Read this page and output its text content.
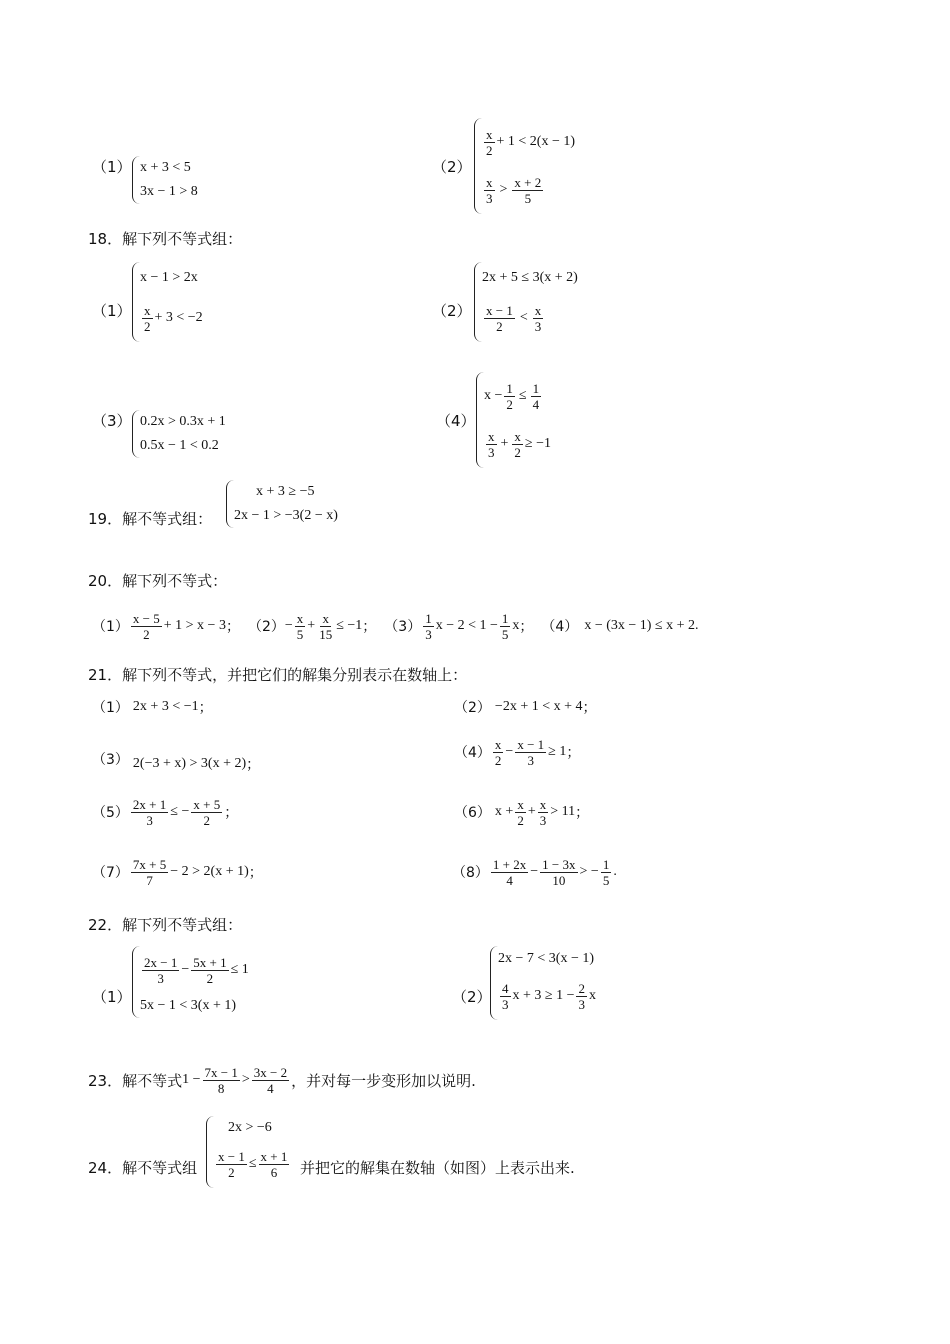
（1） x + 3 < 5
3x − 1 > 8
（2）
$\frac{x}{2} + 1 < 2(x - 1)$
$\frac{x}{3} > \frac{x + 2}{5}$
18．解下列不等式组：
（1）
x − 1 > 2x
$\frac{x}{2} + 3 < -2$	（2）
2x + 5 ≤ 3(x + 2)
$\frac{x - 1}{2} < \frac{x}{3}$
（3） 0.2x > 0.3x + 1
0.5x − 1 < 0.2
（4）
$x - \frac{1}{2} \le \frac{1}{4}$
$\frac{x}{3} + \frac{x}{2} \ge -1$
19．解不等式组：
x + 3 ≥ −5
2x − 1 > −3(2 − x)
20．解下列不等式：
$(1) \frac{x - 5}{2} + 1 > x - 3$ ； $(2) - \frac{x}{5} + \frac{x}{15} \le -1$ ； $(3) \frac{1}{3}$ $x - 2 < 1 - \frac{1}{5}$ x ； （4） x − (3x − 1) ≤ x + 2 .
21．解下列不等式，并把它们的解集分别表示在数轴上：
（1） 2x + 3 < −1 ；	（2） −2x + 1 < x + 4 ；
（3） 2(−3 + x) > 3(x + 2) ；
$(4) \frac{x}{2} - \frac{x - 1}{3} \ge 1$ ；
$(5) \frac{2x + 1}{3}$ ≤ − $\frac{x + 5}{2}$ ；	（6） $x + \frac{x}{2} + \frac{x}{3} > 11$ ；
$(7) \frac{7x + 5}{7} - 2 > 2(x + 1)$ ；	$(8) \frac{1 + 2x}{4} - \frac{1 - 3x}{10}$ > − $\frac{1}{5}$ .
22．解下列不等式组：
（1）
$\frac{2x - 1}{3} - \frac{5x + 1}{2} \le 1$
5x − 1 < 3(x + 1)	（2）
2x − 7 < 3(x − 1)
$\frac{4}{3}$ $x + 3 \ge 1 - \frac{2}{3}$ x
23．解不等式 $1 - \frac{7x - 1}{8} > \frac{3x - 2}{4}$ ，并对每一步变形加以说明.
24．解不等式组
2x > −6
$\frac{x - 1}{2} \le \frac{x + 1}{6}$ 并把它的解集在数轴（如图）上表示出来.
